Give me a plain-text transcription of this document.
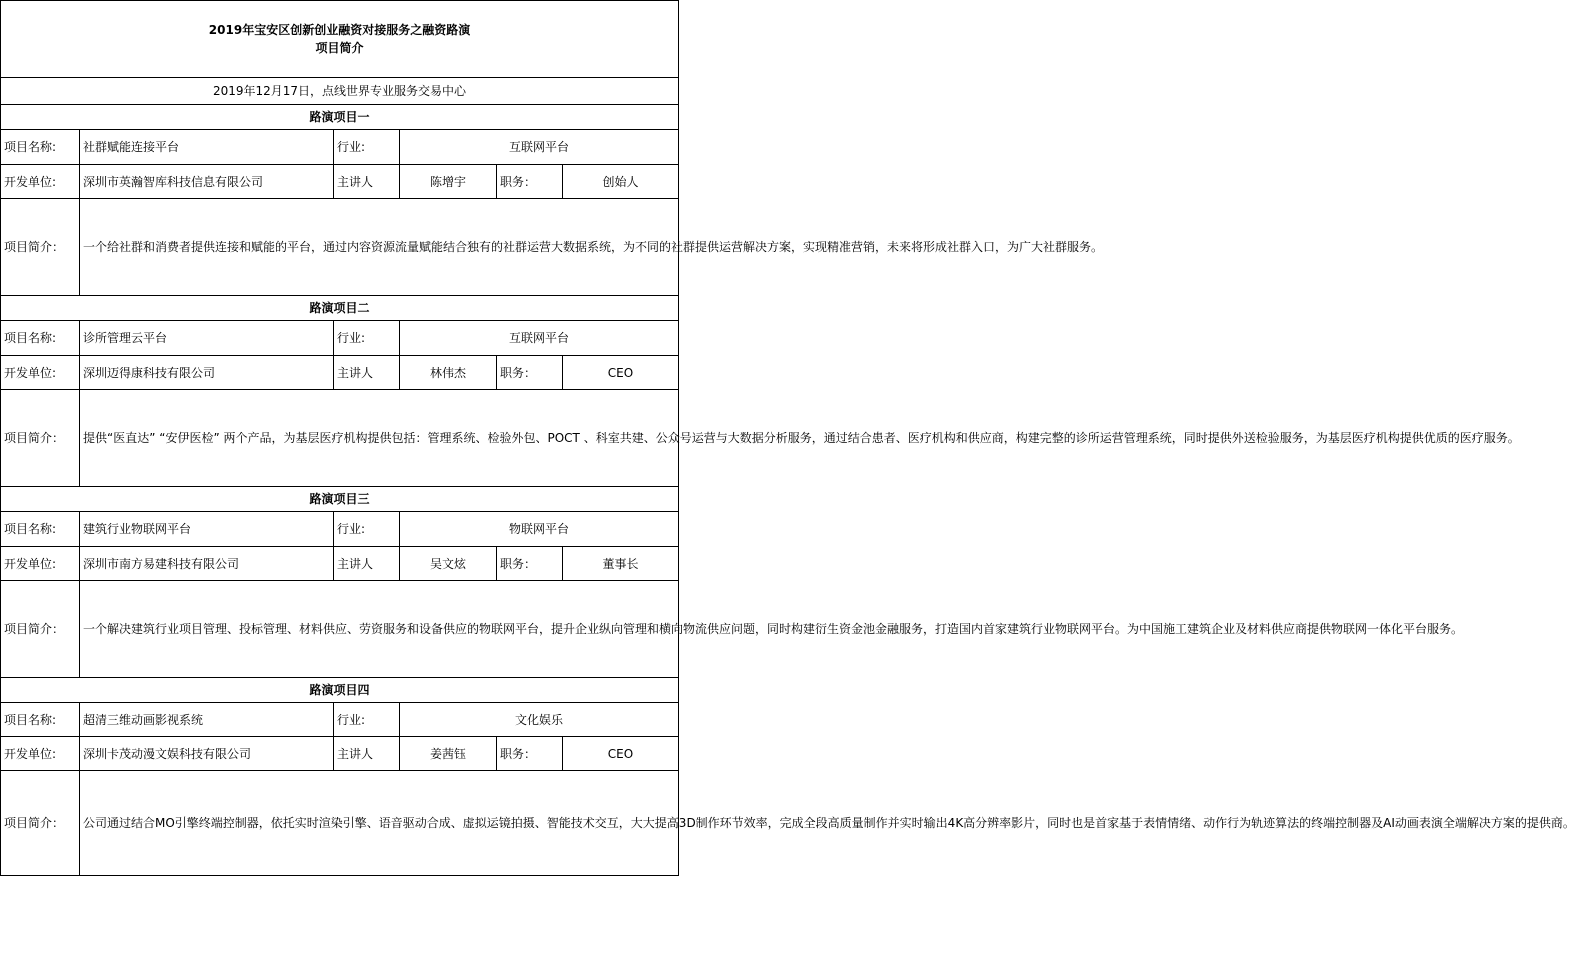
2019年宝安区创新创业融资对接服务之融资路演
项目简介					

2019年12月17日，点线世界专业服务交易中心					
路演项目一					
项目名称:	社群赋能连接平台	行业:	互联网平台		
开发单位:	深圳市英瀚智库科技信息有限公司	主讲人	陈增宇	职务：	创始人
项目简介：	一个给社群和消费者提供连接和赋能的平台，通过内容资源流量赋能结合独有的社群运营大数据系统，为不同的社群提供运营解决方案，实现精准营销，未来将形成社群入口，为广大社群服务。				
路演项目二					
项目名称:	诊所管理云平台	行业:	互联网平台		
开发单位:	深圳迈得康科技有限公司	主讲人	林伟杰	职务：	CEO
项目简介：	提供“医直达” “安伊医检” 两个产品，为基层医疗机构提供包括：管理系统、检验外包、POCT 、科室共建、公众号运营与大数据分析服务，通过结合患者、医疗机构和供应商，构建完整的诊所运营管理系统，同时提供外送检验服务，为基层医疗机构提供优质的医疗服务。				
路演项目三					
项目名称:	建筑行业物联网平台	行业:	物联网平台		
开发单位:	深圳市南方易建科技有限公司	主讲人	吴文炫	职务：	董事长
项目简介：	一个解决建筑行业项目管理、投标管理、材料供应、劳资服务和设备供应的物联网平台，提升企业纵向管理和横向物流供应问题，同时构建衍生资金池金融服务，打造国内首家建筑行业物联网平台。为中国施工建筑企业及材料供应商提供物联网一体化平台服务。				
路演项目四					
项目名称:	超清三维动画影视系统	行业:	文化娱乐		
开发单位:	深圳卡茂动漫文娱科技有限公司	主讲人	姜茜钰	职务：	CEO
项目简介：	公司通过结合MO引擎终端控制器，依托实时渲染引擎、语音驱动合成、虚拟运镜拍摄、智能技术交互，大大提高3D制作环节效率，完成全段高质量制作并实时输出4K高分辨率影片，同时也是首家基于表情情绪、动作行为轨迹算法的终端控制器及AI动画表演全端解决方案的提供商。				
